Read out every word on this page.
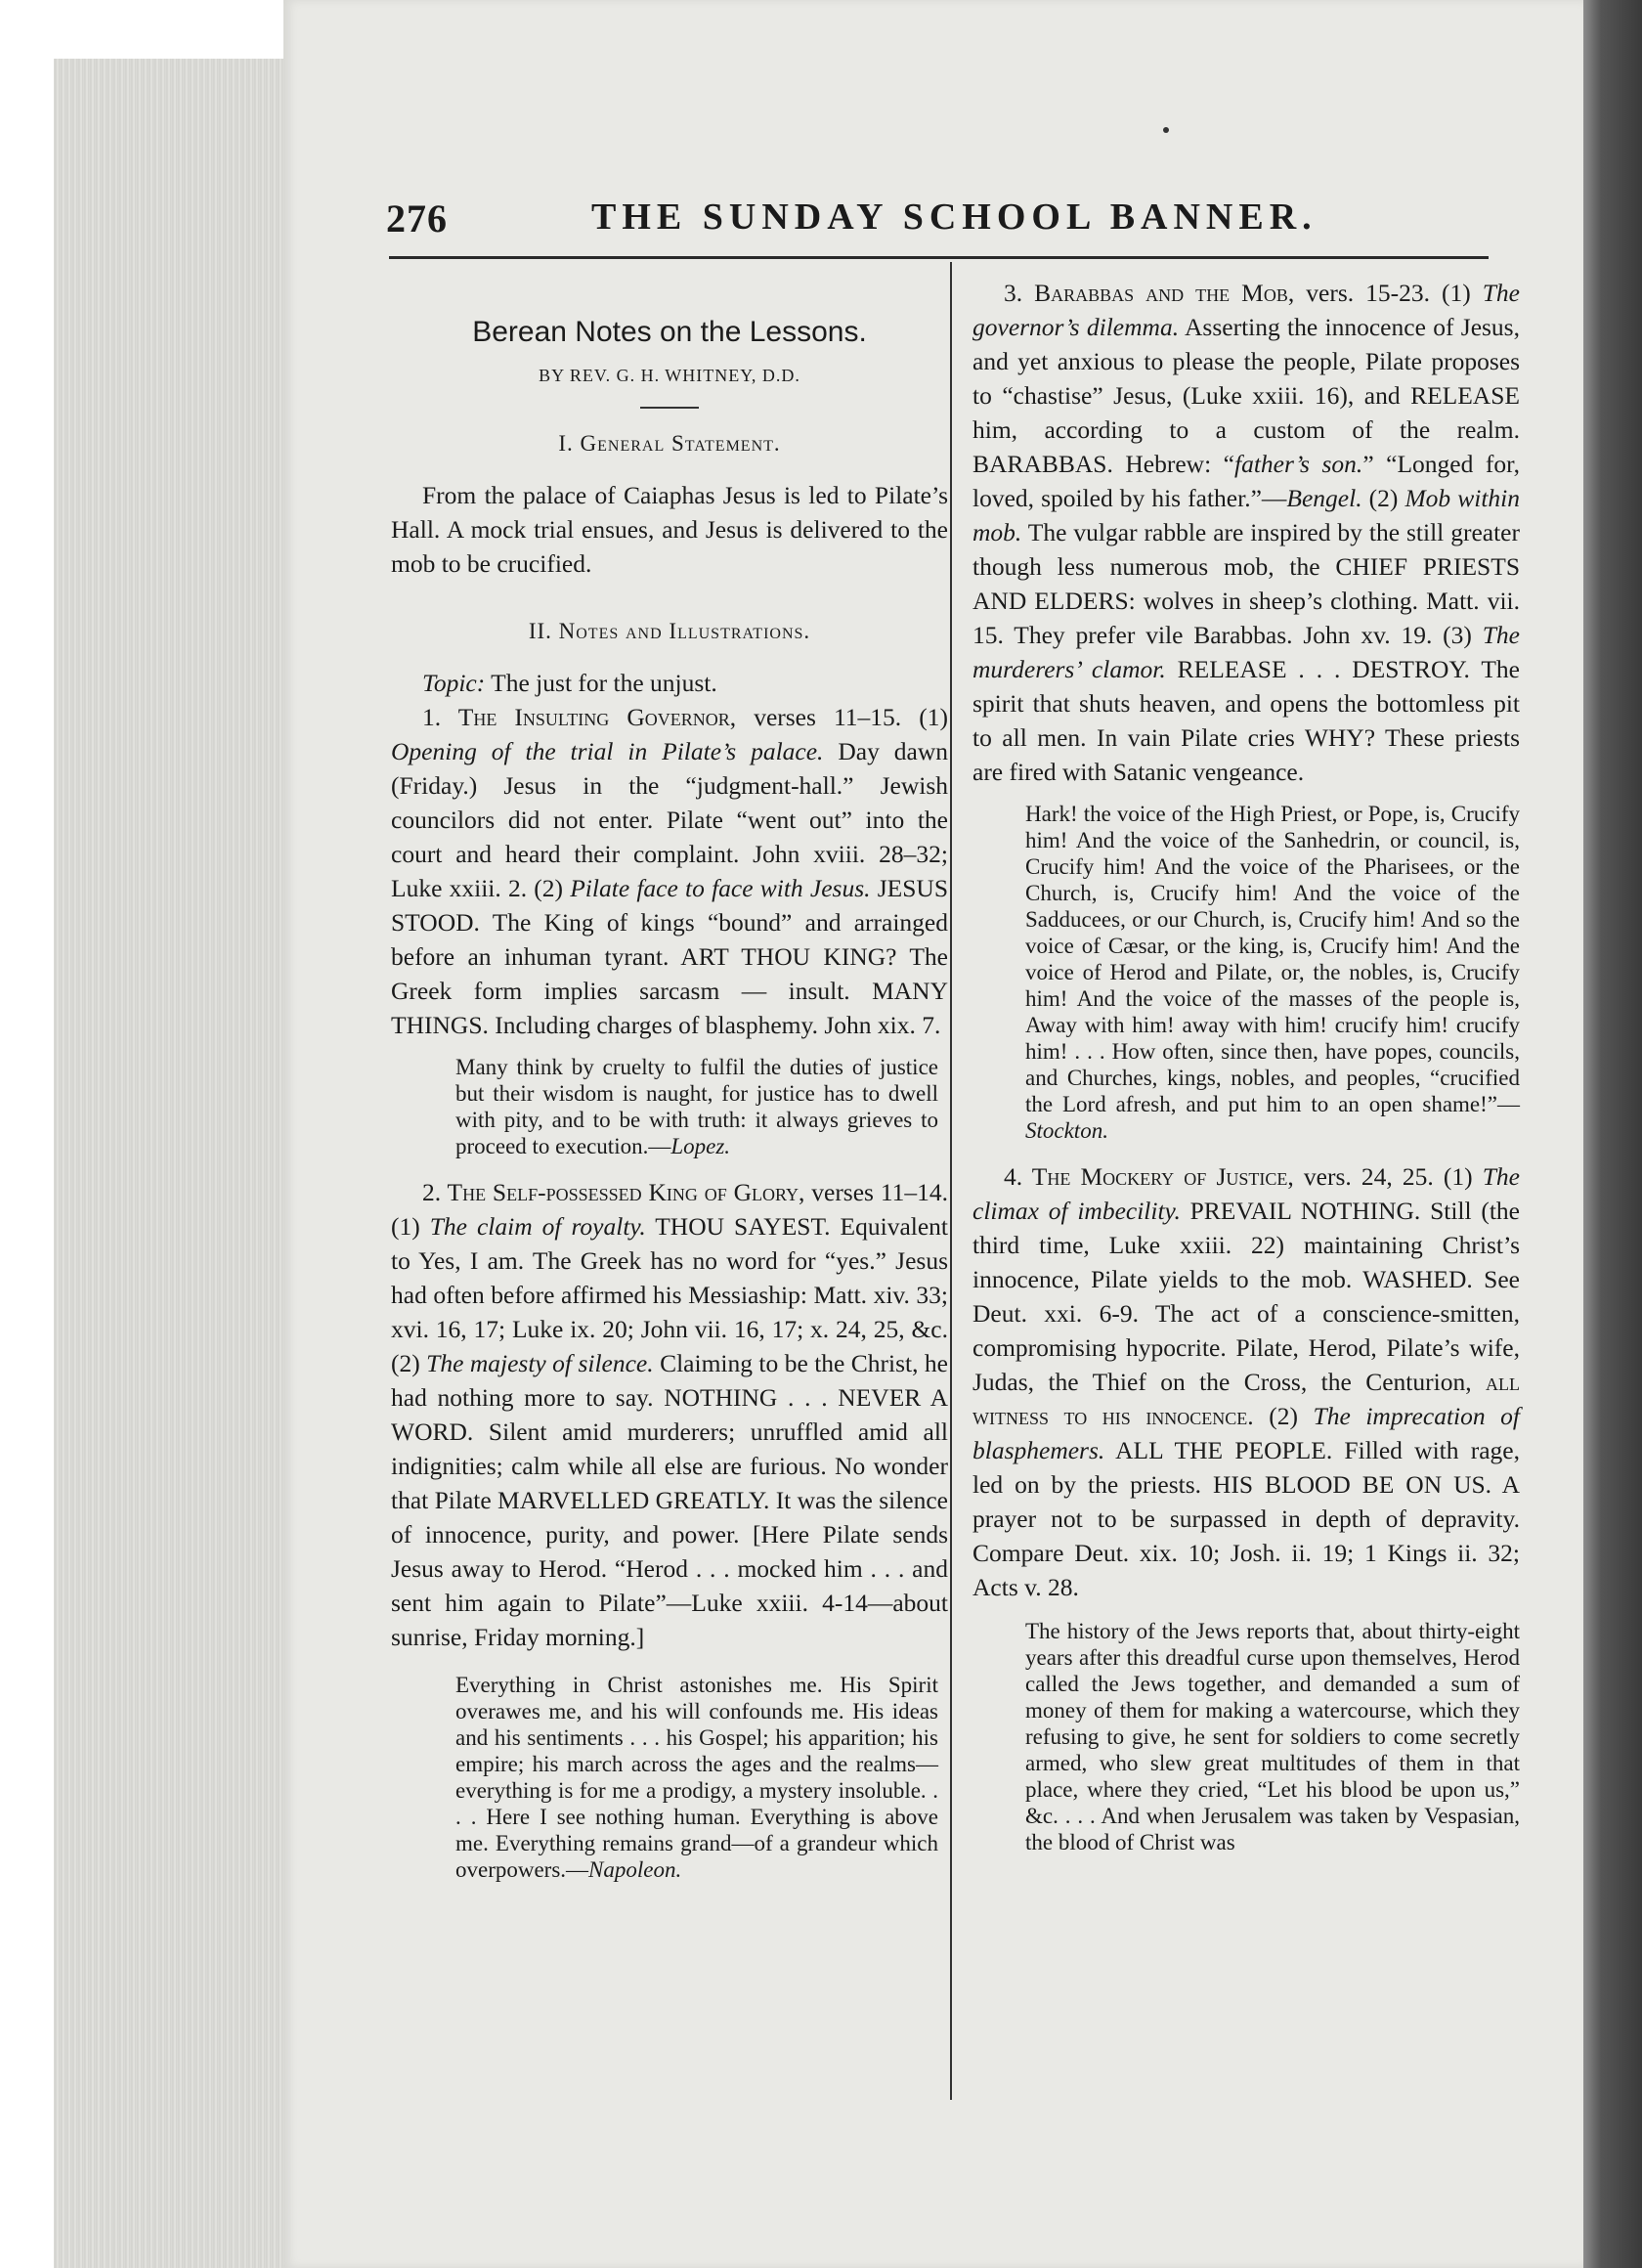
276	THE SUNDAY SCHOOL BANNER.
Berean Notes on the Lessons.
BY REV. G. H. WHITNEY, D.D.
I. General Statement.

From the palace of Caiaphas Jesus is led to Pilate’s Hall. A mock trial ensues, and Jesus is delivered to the mob to be crucified.

II. Notes and Illustrations.

Topic: The just for the unjust.

1. The Insulting Governor, verses 11–15. (1) Opening of the trial in Pilate’s palace. Day dawn (Friday.) Jesus in the “judgment-hall.” Jewish councilors did not enter. Pilate “went out” into the court and heard their complaint. John xviii. 28–32; Luke xxiii. 2. (2) Pilate face to face with Jesus. JESUS STOOD. The King of kings “bound” and arrainged before an inhuman tyrant. ART THOU KING? The Greek form implies sarcasm — insult. MANY THINGS. Including charges of blasphemy. John xix. 7.

Many think by cruelty to fulfil the duties of justice but their wisdom is naught, for justice has to dwell with pity, and to be with truth: it always grieves to proceed to execution.—Lopez.

2. The Self-possessed King of Glory, verses 11–14. (1) The claim of royalty. THOU SAYEST. Equivalent to Yes, I am. The Greek has no word for “yes.” Jesus had often before affirmed his Messiaship: Matt. xiv. 33; xvi. 16, 17; Luke ix. 20; John vii. 16, 17; x. 24, 25, &c. (2) The majesty of silence. Claiming to be the Christ, he had nothing more to say. NOTHING . . . NEVER A WORD. Silent amid murderers; unruffled amid all indignities; calm while all else are furious. No wonder that Pilate MARVELLED GREATLY. It was the silence of innocence, purity, and power. [Here Pilate sends Jesus away to Herod. “Herod . . . mocked him . . . and sent him again to Pilate”—Luke xxiii. 4-14—about sunrise, Friday morning.]

Everything in Christ astonishes me. His Spirit overawes me, and his will confounds me. His ideas and his sentiments . . . his Gospel; his apparition; his empire; his march across the ages and the realms—everything is for me a prodigy, a mystery insoluble. . . . Here I see nothing human. Everything is above me. Everything remains grand—of a grandeur which overpowers.—Napoleon.

3. Barabbas and the Mob, vers. 15-23. (1) The governor’s dilemma. Asserting the innocence of Jesus, and yet anxious to please the people, Pilate proposes to “chastise” Jesus, (Luke xxiii. 16), and RELEASE him, according to a custom of the realm. BARABBAS. Hebrew: “father’s son.” “Longed for, loved, spoiled by his father.”—Bengel. (2) Mob within mob. The vulgar rabble are inspired by the still greater though less numerous mob, the CHIEF PRIESTS AND ELDERS: wolves in sheep’s clothing. Matt. vii. 15. They prefer vile Barabbas. John xv. 19. (3) The murderers’ clamor. RELEASE . . . DESTROY. The spirit that shuts heaven, and opens the bottomless pit to all men. In vain Pilate cries WHY? These priests are fired with Satanic vengeance.

Hark! the voice of the High Priest, or Pope, is, Crucify him! And the voice of the Sanhedrin, or council, is, Crucify him! And the voice of the Pharisees, or the Church, is, Crucify him! And the voice of the Sadducees, or our Church, is, Crucify him! And so the voice of Cæsar, or the king, is, Crucify him! And the voice of Herod and Pilate, or, the nobles, is, Crucify him! And the voice of the masses of the people is, Away with him! away with him! crucify him! crucify him! . . . How often, since then, have popes, councils, and Churches, kings, nobles, and peoples, “crucified the Lord afresh, and put him to an open shame!”—Stockton.

4. The Mockery of Justice, vers. 24, 25. (1) The climax of imbecility. PREVAIL NOTHING. Still (the third time, Luke xxiii. 22) maintaining Christ’s innocence, Pilate yields to the mob. WASHED. See Deut. xxi. 6-9. The act of a conscience-smitten, compromising hypocrite. Pilate, Herod, Pilate’s wife, Judas, the Thief on the Cross, the Centurion, all witness to his innocence. (2) The imprecation of blasphemers. ALL THE PEOPLE. Filled with rage, led on by the priests. HIS BLOOD BE ON US. A prayer not to be surpassed in depth of depravity. Compare Deut. xix. 10; Josh. ii. 19; 1 Kings ii. 32; Acts v. 28.

The history of the Jews reports that, about thirty-eight years after this dreadful curse upon themselves, Herod called the Jews together, and demanded a sum of money of them for making a watercourse, which they refusing to give, he sent for soldiers to come secretly armed, who slew great multitudes of them in that place, where they cried, “Let his blood be upon us,” &c. . . . And when Jerusalem was taken by Vespasian, the blood of Christ was
